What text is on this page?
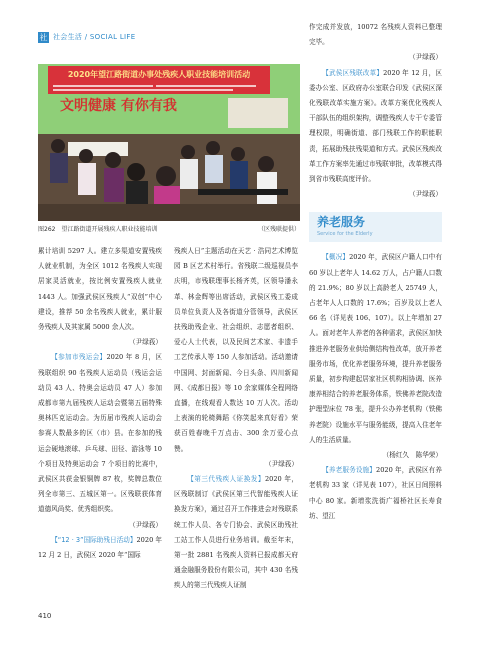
社 社会生活 / SOCIAL LIFE
2020年望江路街道办事处残疾人职业技能培训活动
文明健康 有你有我
图262　望江路街道开展残疾人职业技能培训	（区残联提供）

累计培训 5297 人。建立多渠道安置残疾人就业机制，为全区 1012 名残疾人实现居家灵活就业，按比例安置残疾人就业 1443 人。加强武侯区残疾人“双创”中心建设，推荐 50 余名残疾人就业，累计服务残疾人及其家属 5000 余人次。

（尹绿莪）

【参加市残运会】2020 年 8 月，区残联组织 90 名残疾人运动员（残运会运动员 43 人、特奥会运动员 47 人）参加成都市第九届残疾人运动会暨第五届特殊奥林匹克运动会。为历届市残疾人运动会参赛人数最多的区（市）县。在参加的残运会硬地滚球、乒乓球、田径、游泳等 10 个项目及特奥运动会 7 个项目的比赛中，武侯区共获金银铜牌 87 枚，奖牌总数位列全市第三、五城区第一。区残联获体育道德风尚奖、优秀组织奖。

（尹绿莪）

【“12 · 3”国际助残日活动】2020 年 12 月 2 日，武侯区 2020 年“国际

残疾人日”主题活动在天艺 · 浩同艺术博览园 B 区艺术村举行。省残联二级巡视员李庆明，市残联理事长杨齐英，区领导潘永革、林金辉等出席活动，武侯区残工委成员单位负责人及各街道分管领导，武侯区扶残助残企业、社会组织、志愿者组织、爱心人士代表，以及民间艺术家、非遗手工艺传承人等 150 人参加活动。活动邀请中国网、封面新闻、今日头条、四川新闻网、《成都日报》等 10 余家媒体全程网络直播，在线观看人数达 10 万人次。活动上表演的轮椅舞蹈《你笑起来真好看》荣获百姓春晚千万点击、300 余万爱心点赞。

（尹绿莪）

【第三代残疾人证换发】2020 年，区残联制订《武侯区第三代智能残疾人证换发方案》，通过召开工作推进会对残联系统工作人员、各专门协会、武侯区助残社工站工作人员进行业务培训。截至年末，第一批 2881 名残疾人资料已报成都天府通金融服务股份有限公司，其中 430 名残疾人的第三代残疾人证制

作完成并发放，10072 名残疾人资料已整理完毕。

（尹绿莪）

【武侯区残联改革】2020 年 12 月，区委办公室、区政府办公室联合印发《武侯区深化残联改革实施方案》。改革方案优化残疾人干部队伍的组织架构，调整残疾人专干专委管理权限，明确街道、部门残联工作的职能职责，拓展助残扶残渠道和方式。武侯区残疾改革工作方案率先通过市残联审批，改革模式得到省市残联高度评价。

（尹绿莪）

养老服务
Service for the Elderly

【概况】2020 年，武侯区户籍人口中有 60 岁以上老年人 14.62 万人，占户籍人口数的 21.9%；80 岁以上高龄老人 25749 人，占老年人人口数的 17.6%；百岁及以上老人 66 名（详见表 106、107）。以上年增加 27 人。面对老年人养老的各种需求，武侯区加快推进养老服务业供给侧结构性改革，放开养老服务市场，优化养老服务环境，提升养老服务质量，初步构建起居家社区机构相协调、医养康养相结合的养老服务体系，铁佛养老院改造护理型床位 78 张，提升公办养老机构（铁佛养老院）设施水平与服务能级，提高入住老年人的生活质量。

（杨红久　陈华荣）

【养老服务设施】2020 年，武侯区有养老机构 33 家（详见表 107），社区日间照料中心 80 家。新增浆洗街广福桥社区长寿食坊、望江

410
